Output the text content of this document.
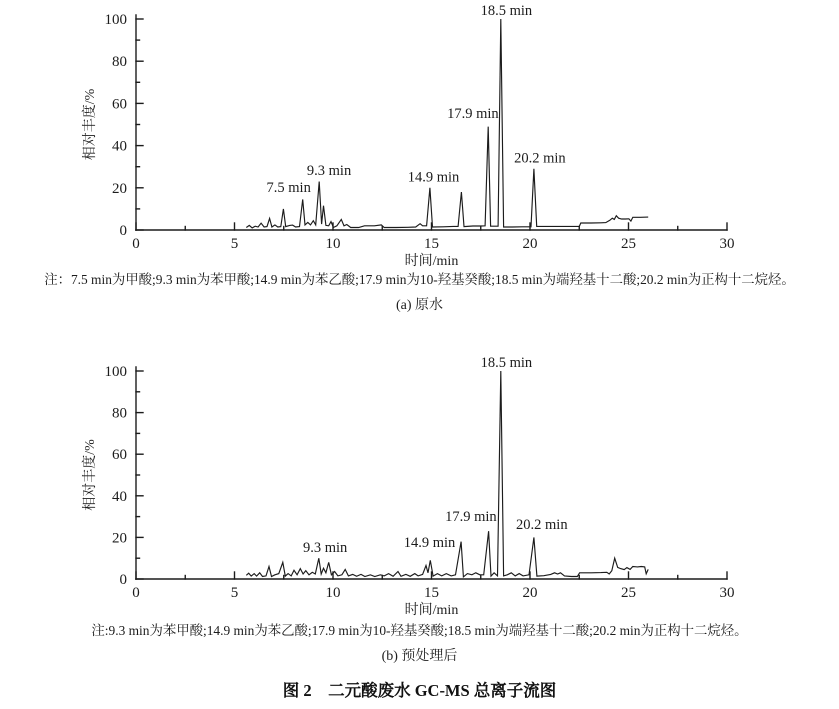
0
20
40
60
80
100
0	5	10	15	20	25	30
时间/min
相对丰度/%
7.5 min
9.3 min	14.9 min
17.9 min
18.5 min
20.2 min
注：7.5 min为甲酸;9.3 min为苯甲酸;14.9 min为苯乙酸;17.9 min为10-羟基癸酸;18.5 min为端羟基十二酸;20.2 min为正构十二烷烃。
(a) 原水
0
20
40
60
80
100
0	5	10	15	20	25	30
时间/min
相对丰度/%
9.3 min	14.9 min
17.9 min
18.5 min
20.2 min
注:9.3 min为苯甲酸;14.9 min为苯乙酸;17.9 min为10-羟基癸酸;18.5 min为端羟基十二酸;20.2 min为正构十二烷烃。
(b) 预处理后
图 2　二元酸废水 GC-MS 总离子流图
